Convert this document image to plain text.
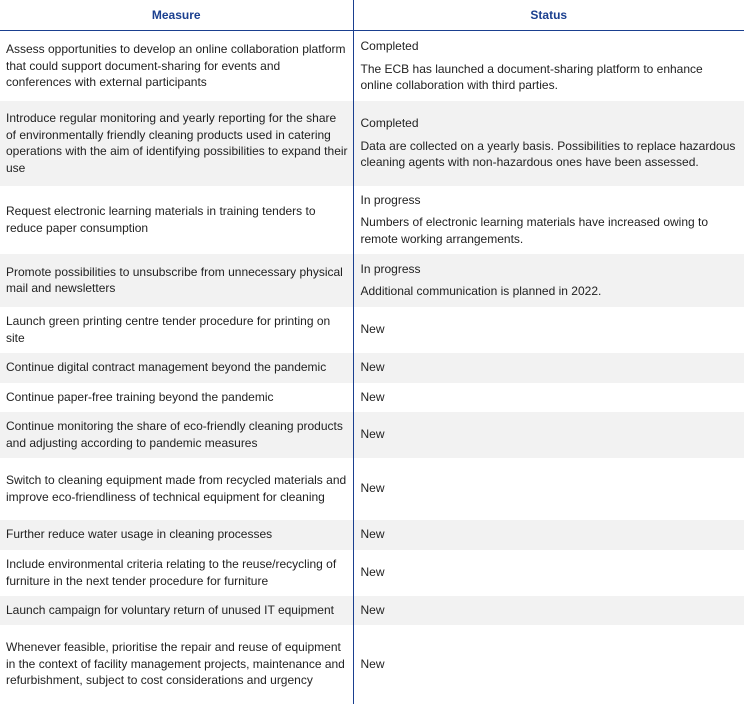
Measure	Status
Assess opportunities to develop an online collaboration platform that could support document-sharing for events and conferences with external participants	Completed
The ECB has launched a document-sharing platform to enhance online collaboration with third parties.

Introduce regular monitoring and yearly reporting for the share of environmentally friendly cleaning products used in catering operations with the aim of identifying possibilities to expand their use	Completed
Data are collected on a yearly basis. Possibilities to replace hazardous cleaning agents with non-hazardous ones have been assessed.

Request electronic learning materials in training tenders to reduce paper consumption	In progress
Numbers of electronic learning materials have increased owing to remote working arrangements.

Promote possibilities to unsubscribe from unnecessary physical mail and newsletters	In progress
Additional communication is planned in 2022.

Launch green printing centre tender procedure for printing on site	New

Continue digital contract management beyond the pandemic	New

Continue paper-free training beyond the pandemic	New

Continue monitoring the share of eco-friendly cleaning products and adjusting according to pandemic measures	New

Switch to cleaning equipment made from recycled materials and improve eco-friendliness of technical equipment for cleaning	New

Further reduce water usage in cleaning processes	New

Include environmental criteria relating to the reuse/recycling of furniture in the next tender procedure for furniture	New

Launch campaign for voluntary return of unused IT equipment	New

Whenever feasible, prioritise the repair and reuse of equipment in the context of facility management projects, maintenance and refurbishment, subject to cost considerations and urgency	New
